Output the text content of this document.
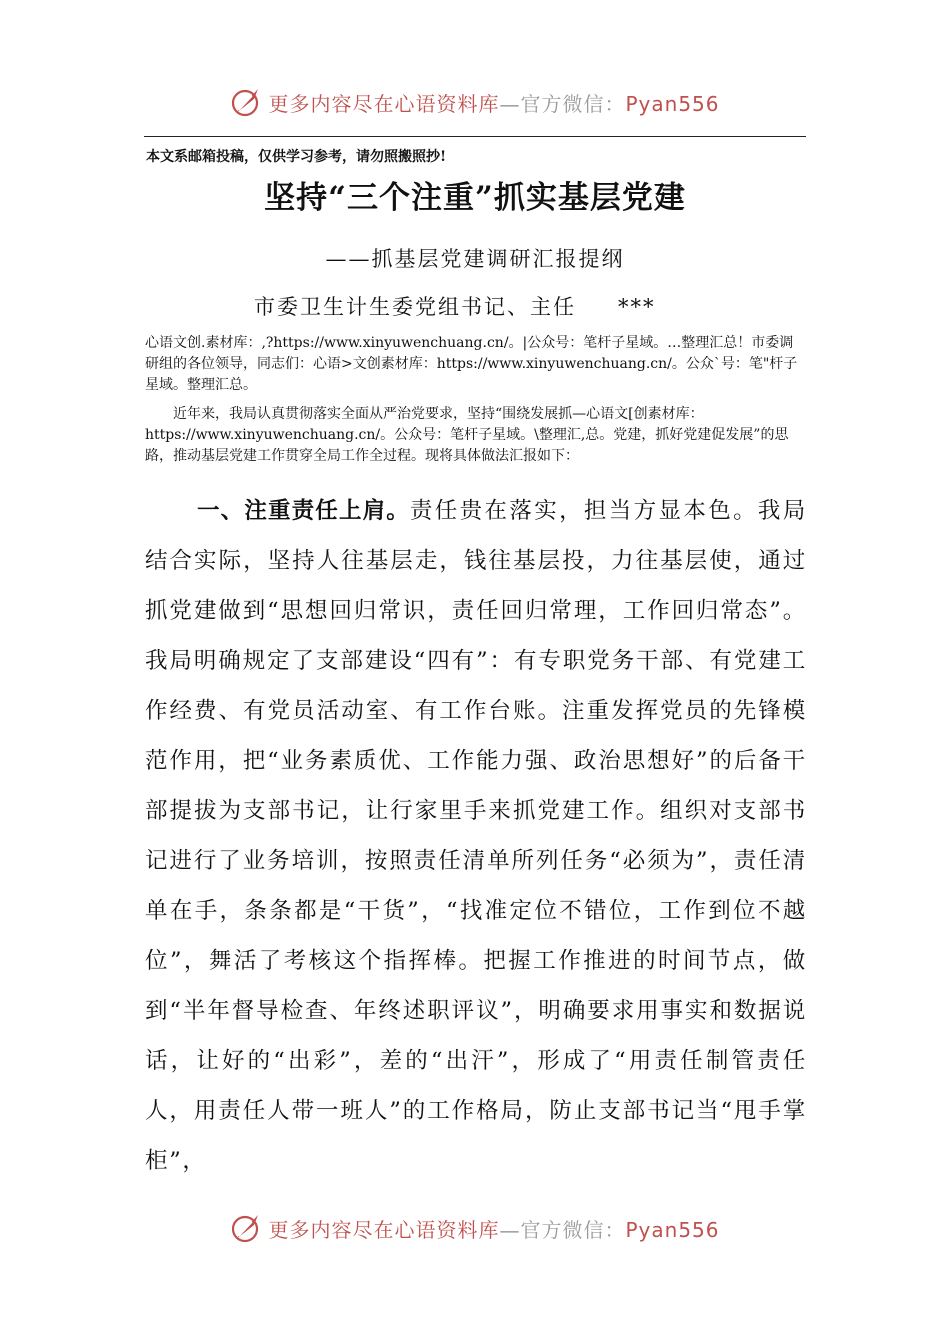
更多内容尽在心语资料库—官方微信：Pyan556
本文系邮箱投稿，仅供学习参考，请勿照搬照抄!
坚持“三个注重”抓实基层党建
——抓基层党建调研汇报提纲
市委卫生计生委党组书记、主任 ***
心语文创.素材库：,?https://www.xinyuwenchuang.cn/。|公众号：笔杆子星域。…整理汇总！市委调研组的各位领导，同志们：心语>文创素材库：https://www.xinyuwenchuang.cn/。公众`号：笔"杆子星域。整理汇总。
近年来，我局认真贯彻落实全面从严治党要求，坚持“围绕发展抓—心语文[创素材库：https://www.xinyuwenchuang.cn/。公众号：笔杆子星域。\整理汇,总。党建，抓好党建促发展”的思路，推动基层党建工作贯穿全局工作全过程。现将具体做法汇报如下：
一、注重责任上肩。责任贵在落实，担当方显本色。我局结合实际，坚持人往基层走，钱往基层投，力往基层使，通过抓党建做到“思想回归常识，责任回归常理，工作回归常态”。我局明确规定了支部建设“四有”：有专职党务干部、有党建工作经费、有党员活动室、有工作台账。注重发挥党员的先锋模范作用，把“业务素质优、工作能力强、政治思想好”的后备干部提拔为支部书记，让行家里手来抓党建工作。组织对支部书记进行了业务培训，按照责任清单所列任务“必须为”，责任清单在手，条条都是“干货”，“找准定位不错位，工作到位不越位”，舞活了考核这个指挥棒。把握工作推进的时间节点，做到“半年督导检查、年终述职评议”，明确要求用事实和数据说话，让好的“出彩”，差的“出汗”，形成了“用责任制管责任人，用责任人带一班人”的工作格局，防止支部书记当“甩手掌柜”，
更多内容尽在心语资料库—官方微信：Pyan556
